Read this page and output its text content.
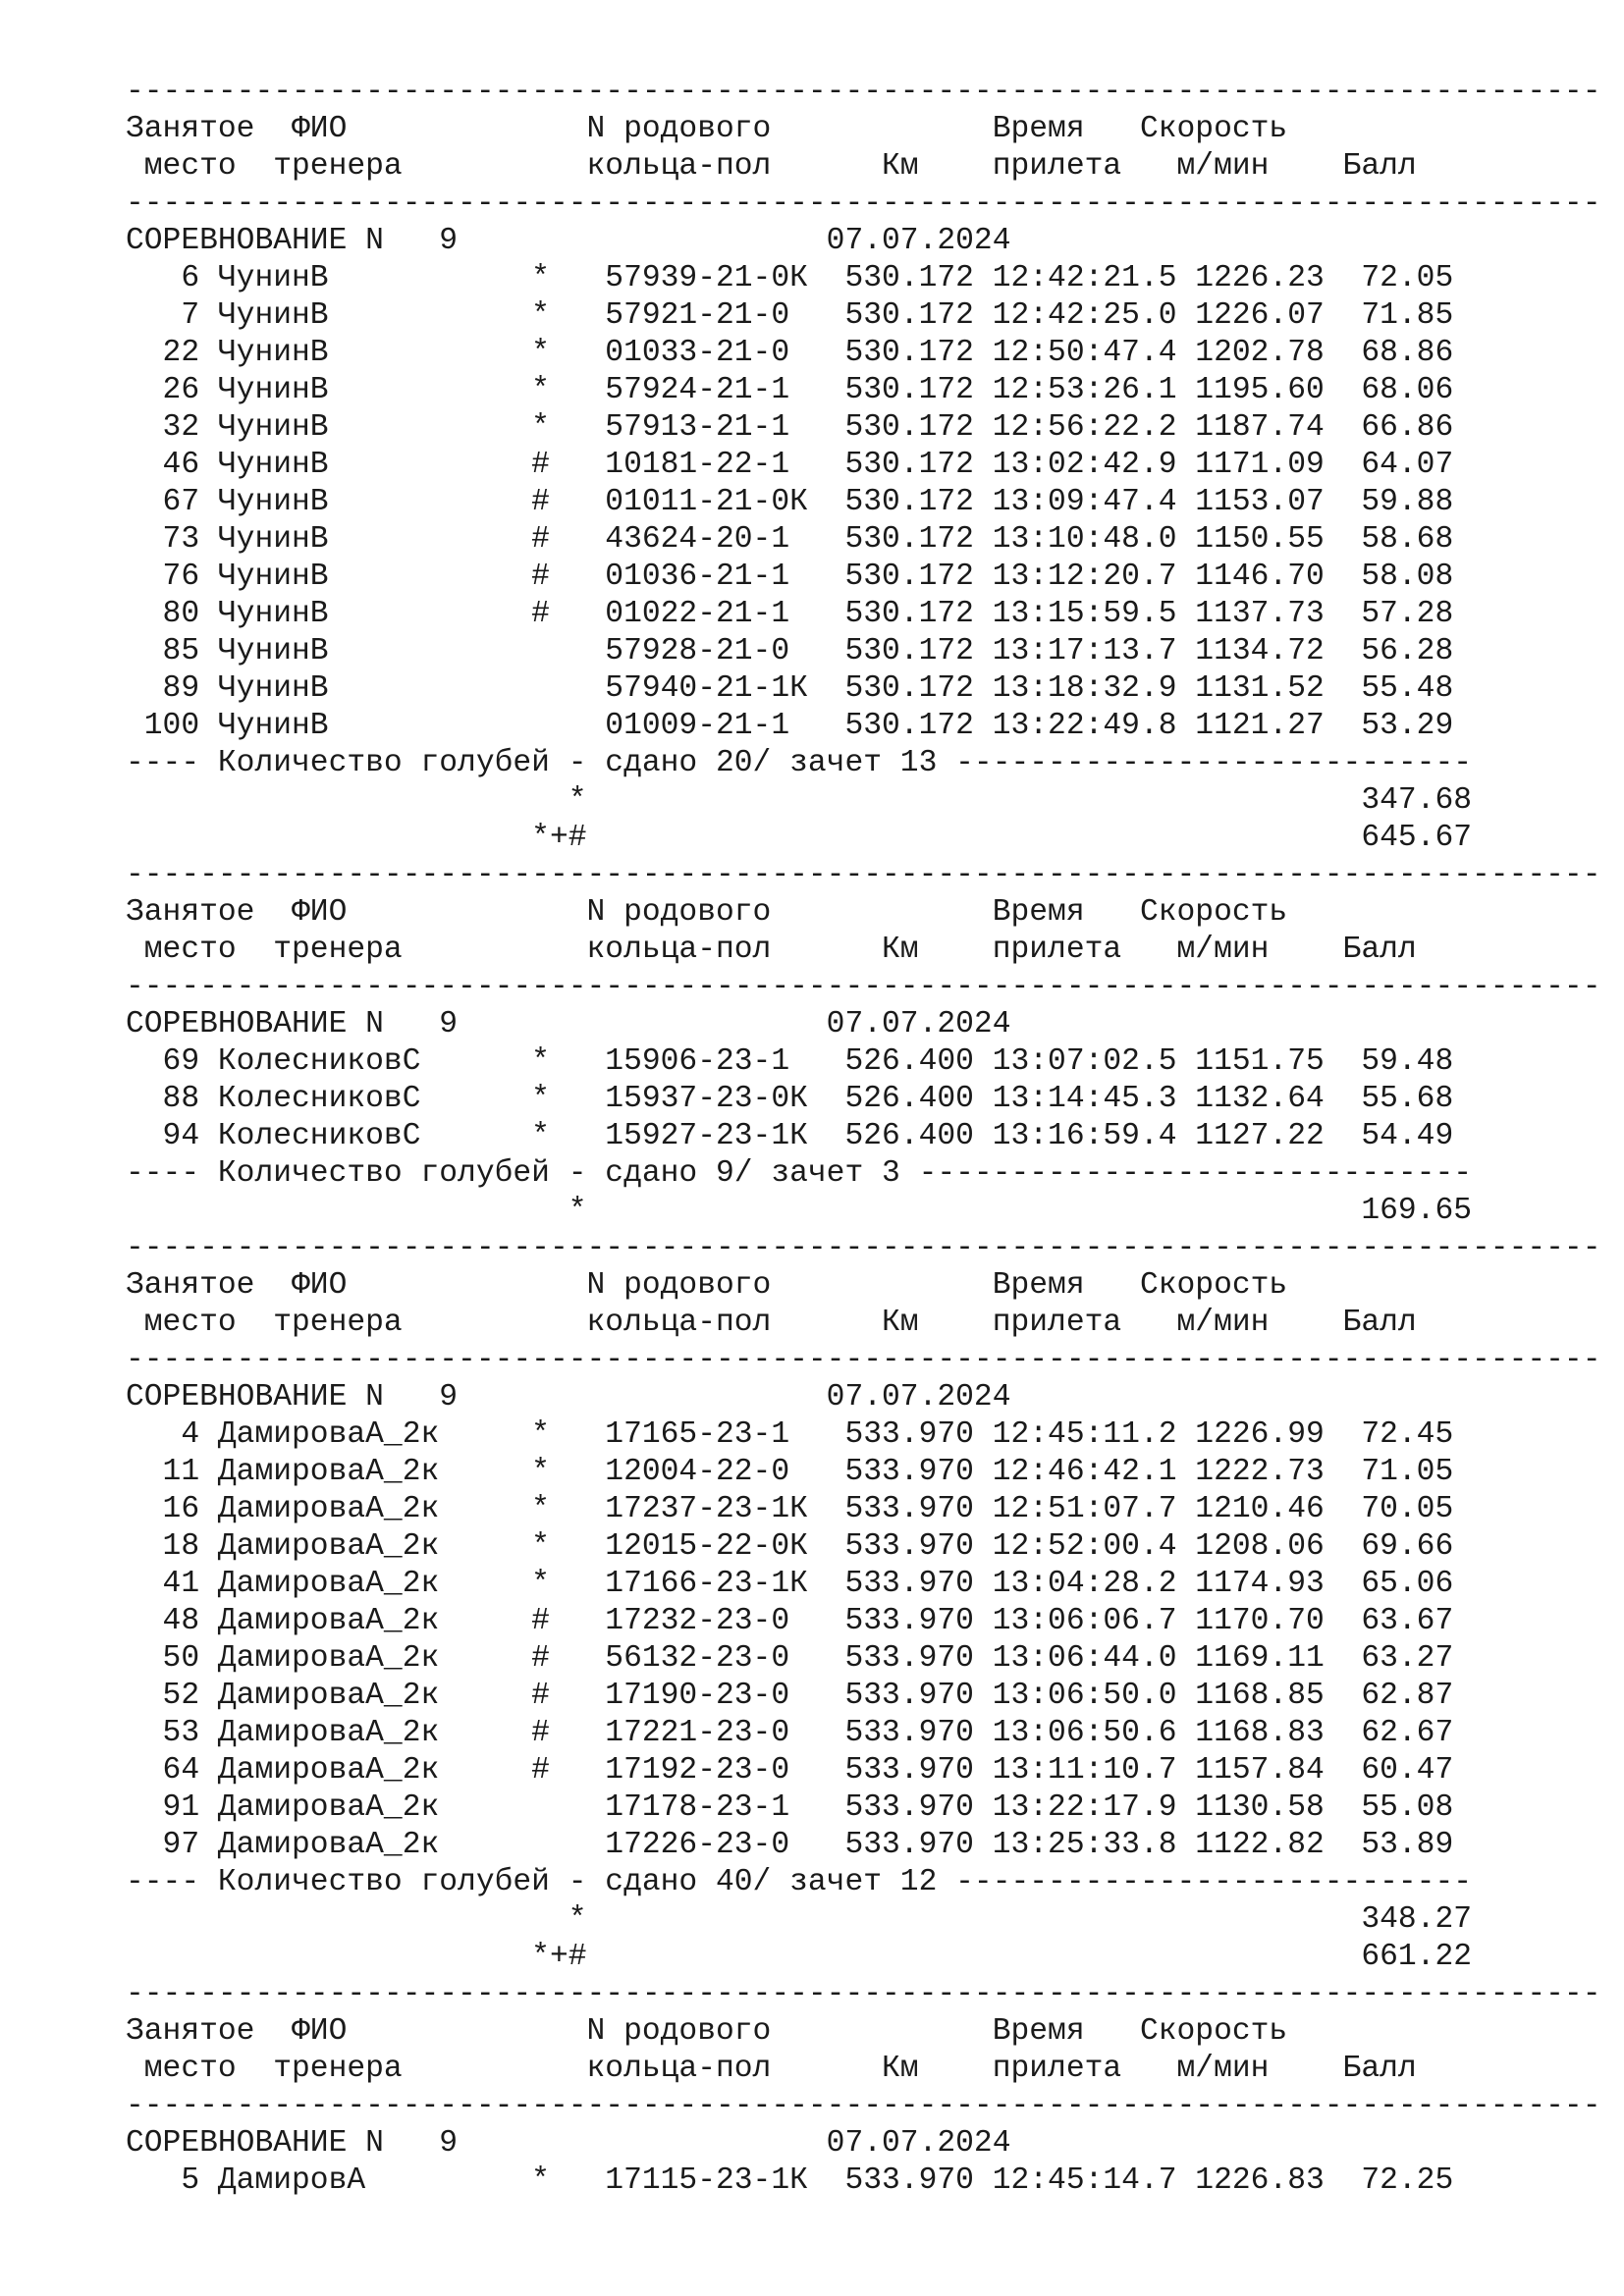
--------------------------------------------------------------------------------
Занятое  ФИО             N родового            Время   Скорость
место  тренера          кольца-пол      Км    прилета   м/мин    Балл
--------------------------------------------------------------------------------
СОРЕВНОВАНИЕ N   9                    07.07.2024
6 ЧунинВ           *   57939-21-0К  530.172 12:42:21.5 1226.23  72.05
7 ЧунинВ           *   57921-21-0   530.172 12:42:25.0 1226.07  71.85
22 ЧунинВ           *   01033-21-0   530.172 12:50:47.4 1202.78  68.86
26 ЧунинВ           *   57924-21-1   530.172 12:53:26.1 1195.60  68.06
32 ЧунинВ           *   57913-21-1   530.172 12:56:22.2 1187.74  66.86
46 ЧунинВ           #   10181-22-1   530.172 13:02:42.9 1171.09  64.07
67 ЧунинВ           #   01011-21-0К  530.172 13:09:47.4 1153.07  59.88
73 ЧунинВ           #   43624-20-1   530.172 13:10:48.0 1150.55  58.68
76 ЧунинВ           #   01036-21-1   530.172 13:12:20.7 1146.70  58.08
80 ЧунинВ           #   01022-21-1   530.172 13:15:59.5 1137.73  57.28
85 ЧунинВ               57928-21-0   530.172 13:17:13.7 1134.72  56.28
89 ЧунинВ               57940-21-1К  530.172 13:18:32.9 1131.52  55.48
100 ЧунинВ               01009-21-1   530.172 13:22:49.8 1121.27  53.29
---- Количество голубей - сдано 20/ зачет 13 ----------------------------
*                                          347.68
*+#                                          645.67
--------------------------------------------------------------------------------
Занятое  ФИО             N родового            Время   Скорость
место  тренера          кольца-пол      Км    прилета   м/мин    Балл
--------------------------------------------------------------------------------
СОРЕВНОВАНИЕ N   9                    07.07.2024
69 КолесниковС      *   15906-23-1   526.400 13:07:02.5 1151.75  59.48
88 КолесниковС      *   15937-23-0К  526.400 13:14:45.3 1132.64  55.68
94 КолесниковС      *   15927-23-1К  526.400 13:16:59.4 1127.22  54.49
---- Количество голубей - сдано 9/ зачет 3 ------------------------------
*                                          169.65
--------------------------------------------------------------------------------
Занятое  ФИО             N родового            Время   Скорость
место  тренера          кольца-пол      Км    прилета   м/мин    Балл
--------------------------------------------------------------------------------
СОРЕВНОВАНИЕ N   9                    07.07.2024
4 ДамироваА_2к     *   17165-23-1   533.970 12:45:11.2 1226.99  72.45
11 ДамироваА_2к     *   12004-22-0   533.970 12:46:42.1 1222.73  71.05
16 ДамироваА_2к     *   17237-23-1К  533.970 12:51:07.7 1210.46  70.05
18 ДамироваА_2к     *   12015-22-0К  533.970 12:52:00.4 1208.06  69.66
41 ДамироваА_2к     *   17166-23-1К  533.970 13:04:28.2 1174.93  65.06
48 ДамироваА_2к     #   17232-23-0   533.970 13:06:06.7 1170.70  63.67
50 ДамироваА_2к     #   56132-23-0   533.970 13:06:44.0 1169.11  63.27
52 ДамироваА_2к     #   17190-23-0   533.970 13:06:50.0 1168.85  62.87
53 ДамироваА_2к     #   17221-23-0   533.970 13:06:50.6 1168.83  62.67
64 ДамироваА_2к     #   17192-23-0   533.970 13:11:10.7 1157.84  60.47
91 ДамироваА_2к         17178-23-1   533.970 13:22:17.9 1130.58  55.08
97 ДамироваА_2к         17226-23-0   533.970 13:25:33.8 1122.82  53.89
---- Количество голубей - сдано 40/ зачет 12 ----------------------------
*                                          348.27
*+#                                          661.22
--------------------------------------------------------------------------------
Занятое  ФИО             N родового            Время   Скорость
место  тренера          кольца-пол      Км    прилета   м/мин    Балл
--------------------------------------------------------------------------------
СОРЕВНОВАНИЕ N   9                    07.07.2024
5 ДамировА         *   17115-23-1К  533.970 12:45:14.7 1226.83  72.25
